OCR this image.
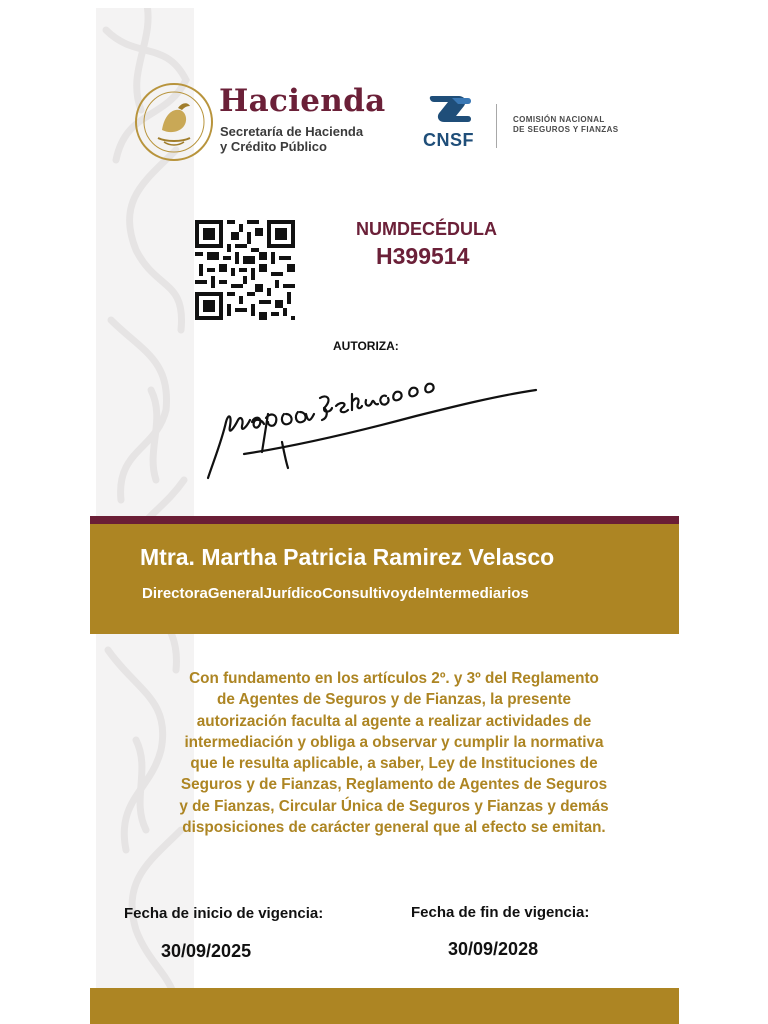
Hacienda
Secretaría de Hacienda
y Crédito Público	CNSF
COMISIÓN NACIONAL
DE SEGUROS Y FIANZAS
NUMDECÉDULA
H399514
AUTORIZA:
Mtra. Martha Patricia Ramirez Velasco
DirectoraGeneralJurídicoConsultivoydeIntermediarios
Con fundamento en los artículos 2º. y 3º del Reglamento
de Agentes de Seguros y de Fianzas, la presente
autorización faculta al agente a realizar actividades de
intermediación y obliga a observar y cumplir la normativa
que le resulta aplicable, a saber, Ley de Instituciones de
Seguros y de Fianzas, Reglamento de Agentes de Seguros
y de Fianzas, Circular Única de Seguros y Fianzas y demás
disposiciones de carácter general que al efecto se emitan.
Fecha de inicio de vigencia:	Fecha de fin de vigencia:
30/09/2025	30/09/2028
